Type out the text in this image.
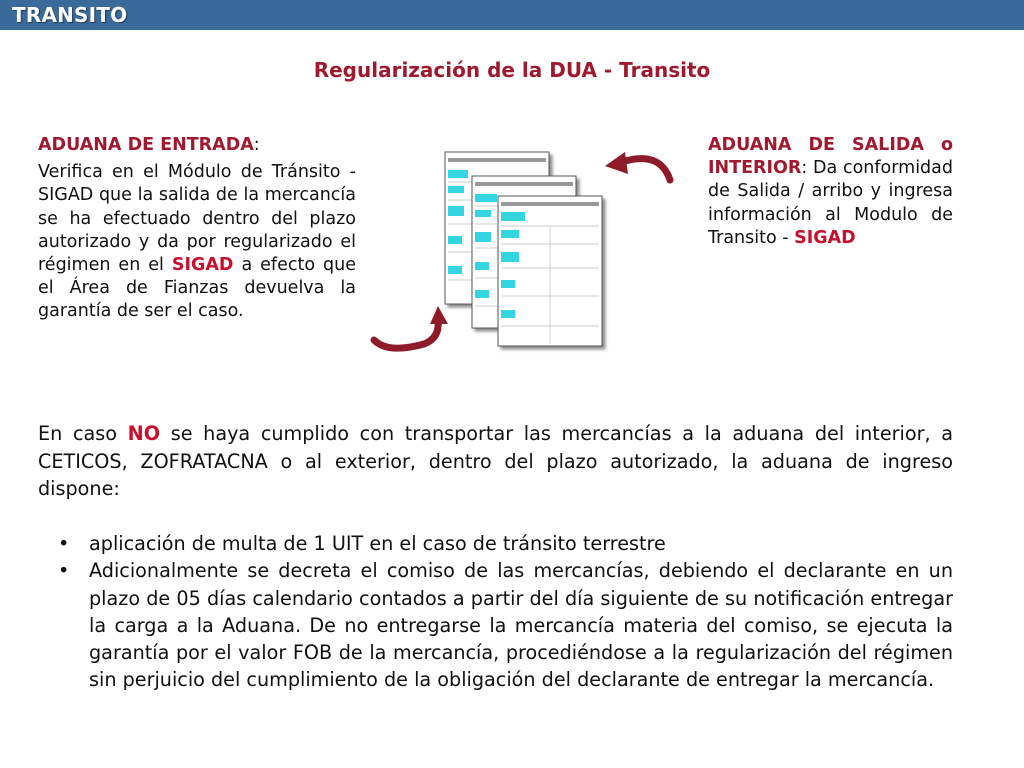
TRANSITO
Regularización de la DUA - Transito
ADUANA DE ENTRADA:
Verifica en el Módulo de Tránsito -SIGAD que la salida de la mercancía se ha efectuado dentro del plazo autorizado y da por regularizado el régimen en el SIGAD a efecto que el Área de Fianzas devuelva la garantía de ser el caso.
ADUANA DE SALIDA o INTERIOR: Da conformidad de Salida / arribo y ingresa información al Modulo de Transito - SIGAD
En caso NO se haya cumplido con transportar las mercancías a la aduana del interior, a CETICOS, ZOFRATACNA o al exterior, dentro del plazo autorizado, la aduana de ingreso dispone:
• aplicación de multa de 1 UIT en el caso de tránsito terrestre
• Adicionalmente se decreta el comiso de las mercancías, debiendo el declarante en un plazo de 05 días calendario contados a partir del día siguiente de su notificación entregar la carga a la Aduana. De no entregarse la mercancía materia del comiso, se ejecuta la garantía por el valor FOB de la mercancía, procediéndose a la regularización del régimen sin perjuicio del cumplimiento de la obligación del declarante de entregar la mercancía.
